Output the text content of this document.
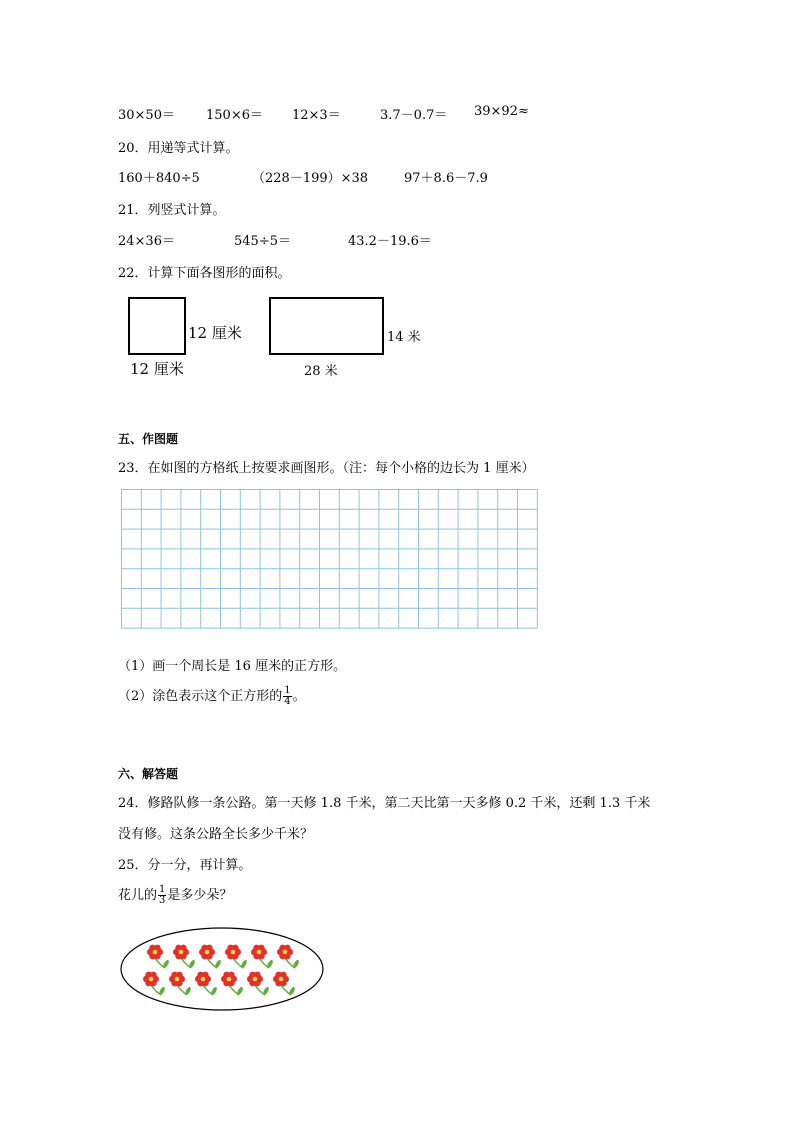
30×50＝ 150×6＝ 12×3＝	3.7－0.7＝ 39×92≈
20．用递等式计算。
160＋840÷5	（228－199）×38	97＋8.6－7.9
21．列竖式计算。
24×36＝	545÷5＝	43.2－19.6＝
22．计算下面各图形的面积。
12 厘米
12 厘米
14 米
28 米
五、作图题
23．在如图的方格纸上按要求画图形。（注：每个小格的边长为 1 厘米）
（1）画一个周长是 16 厘米的正方形。
（2）涂色表示这个正方形的 $\frac{1}{4}$ 。
六、解答题
24．修路队修一条公路。第一天修 1.8 千米，第二天比第一天多修 0.2 千米，还剩 1.3 千米
没有修。这条公路全长多少千米？
25．分一分，再计算。
花儿的 $\frac{1}{3}$ 是多少朵？
